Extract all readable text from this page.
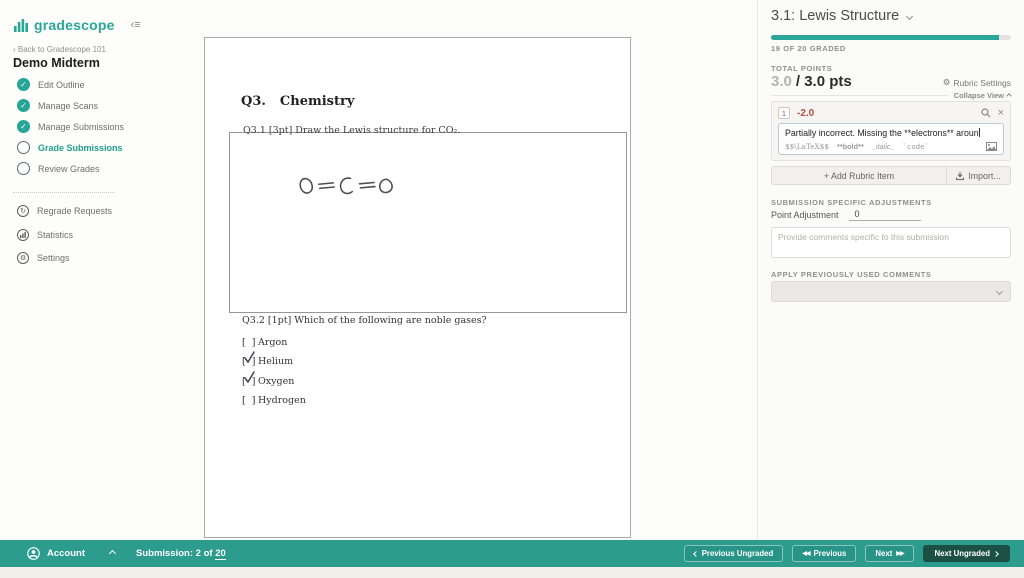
gradescope ‹≡
‹ Back to Gradescope 101
Demo Midterm
✓	Edit Outline
✓	Manage Scans
✓	Manage Submissions
Grade Submissions
Review Grades
↻	Regrade Requests
Statistics
⚙	Settings
Q3. Chemistry
Q3.1 [3pt] Draw the Lewis structure for CO₂.
Q3.2 [1pt] Which of the following are noble gases?
[ ] Argon
[ ] Helium
[ ] Oxygen
[ ] Hydrogen
3.1: Lewis Structure
19 OF 20 GRADED
TOTAL POINTS
3.0 / 3.0 pts	⚙ Rubric Settings
Collapse View
1	-2.0	×
Partially incorrect. Missing the **electrons** aroun
$$\LaTeX$$ **bold** _italic_ `code`
+ Add Rubric Item	Import...
SUBMISSION SPECIFIC ADJUSTMENTS
Point Adjustment	0
Provide comments specific to this submission
APPLY PREVIOUSLY USED COMMENTS
Account	Submission: 2 of 20	Previous Ungraded	◀◀ Previous	Next ▶▶	Next Ungraded
